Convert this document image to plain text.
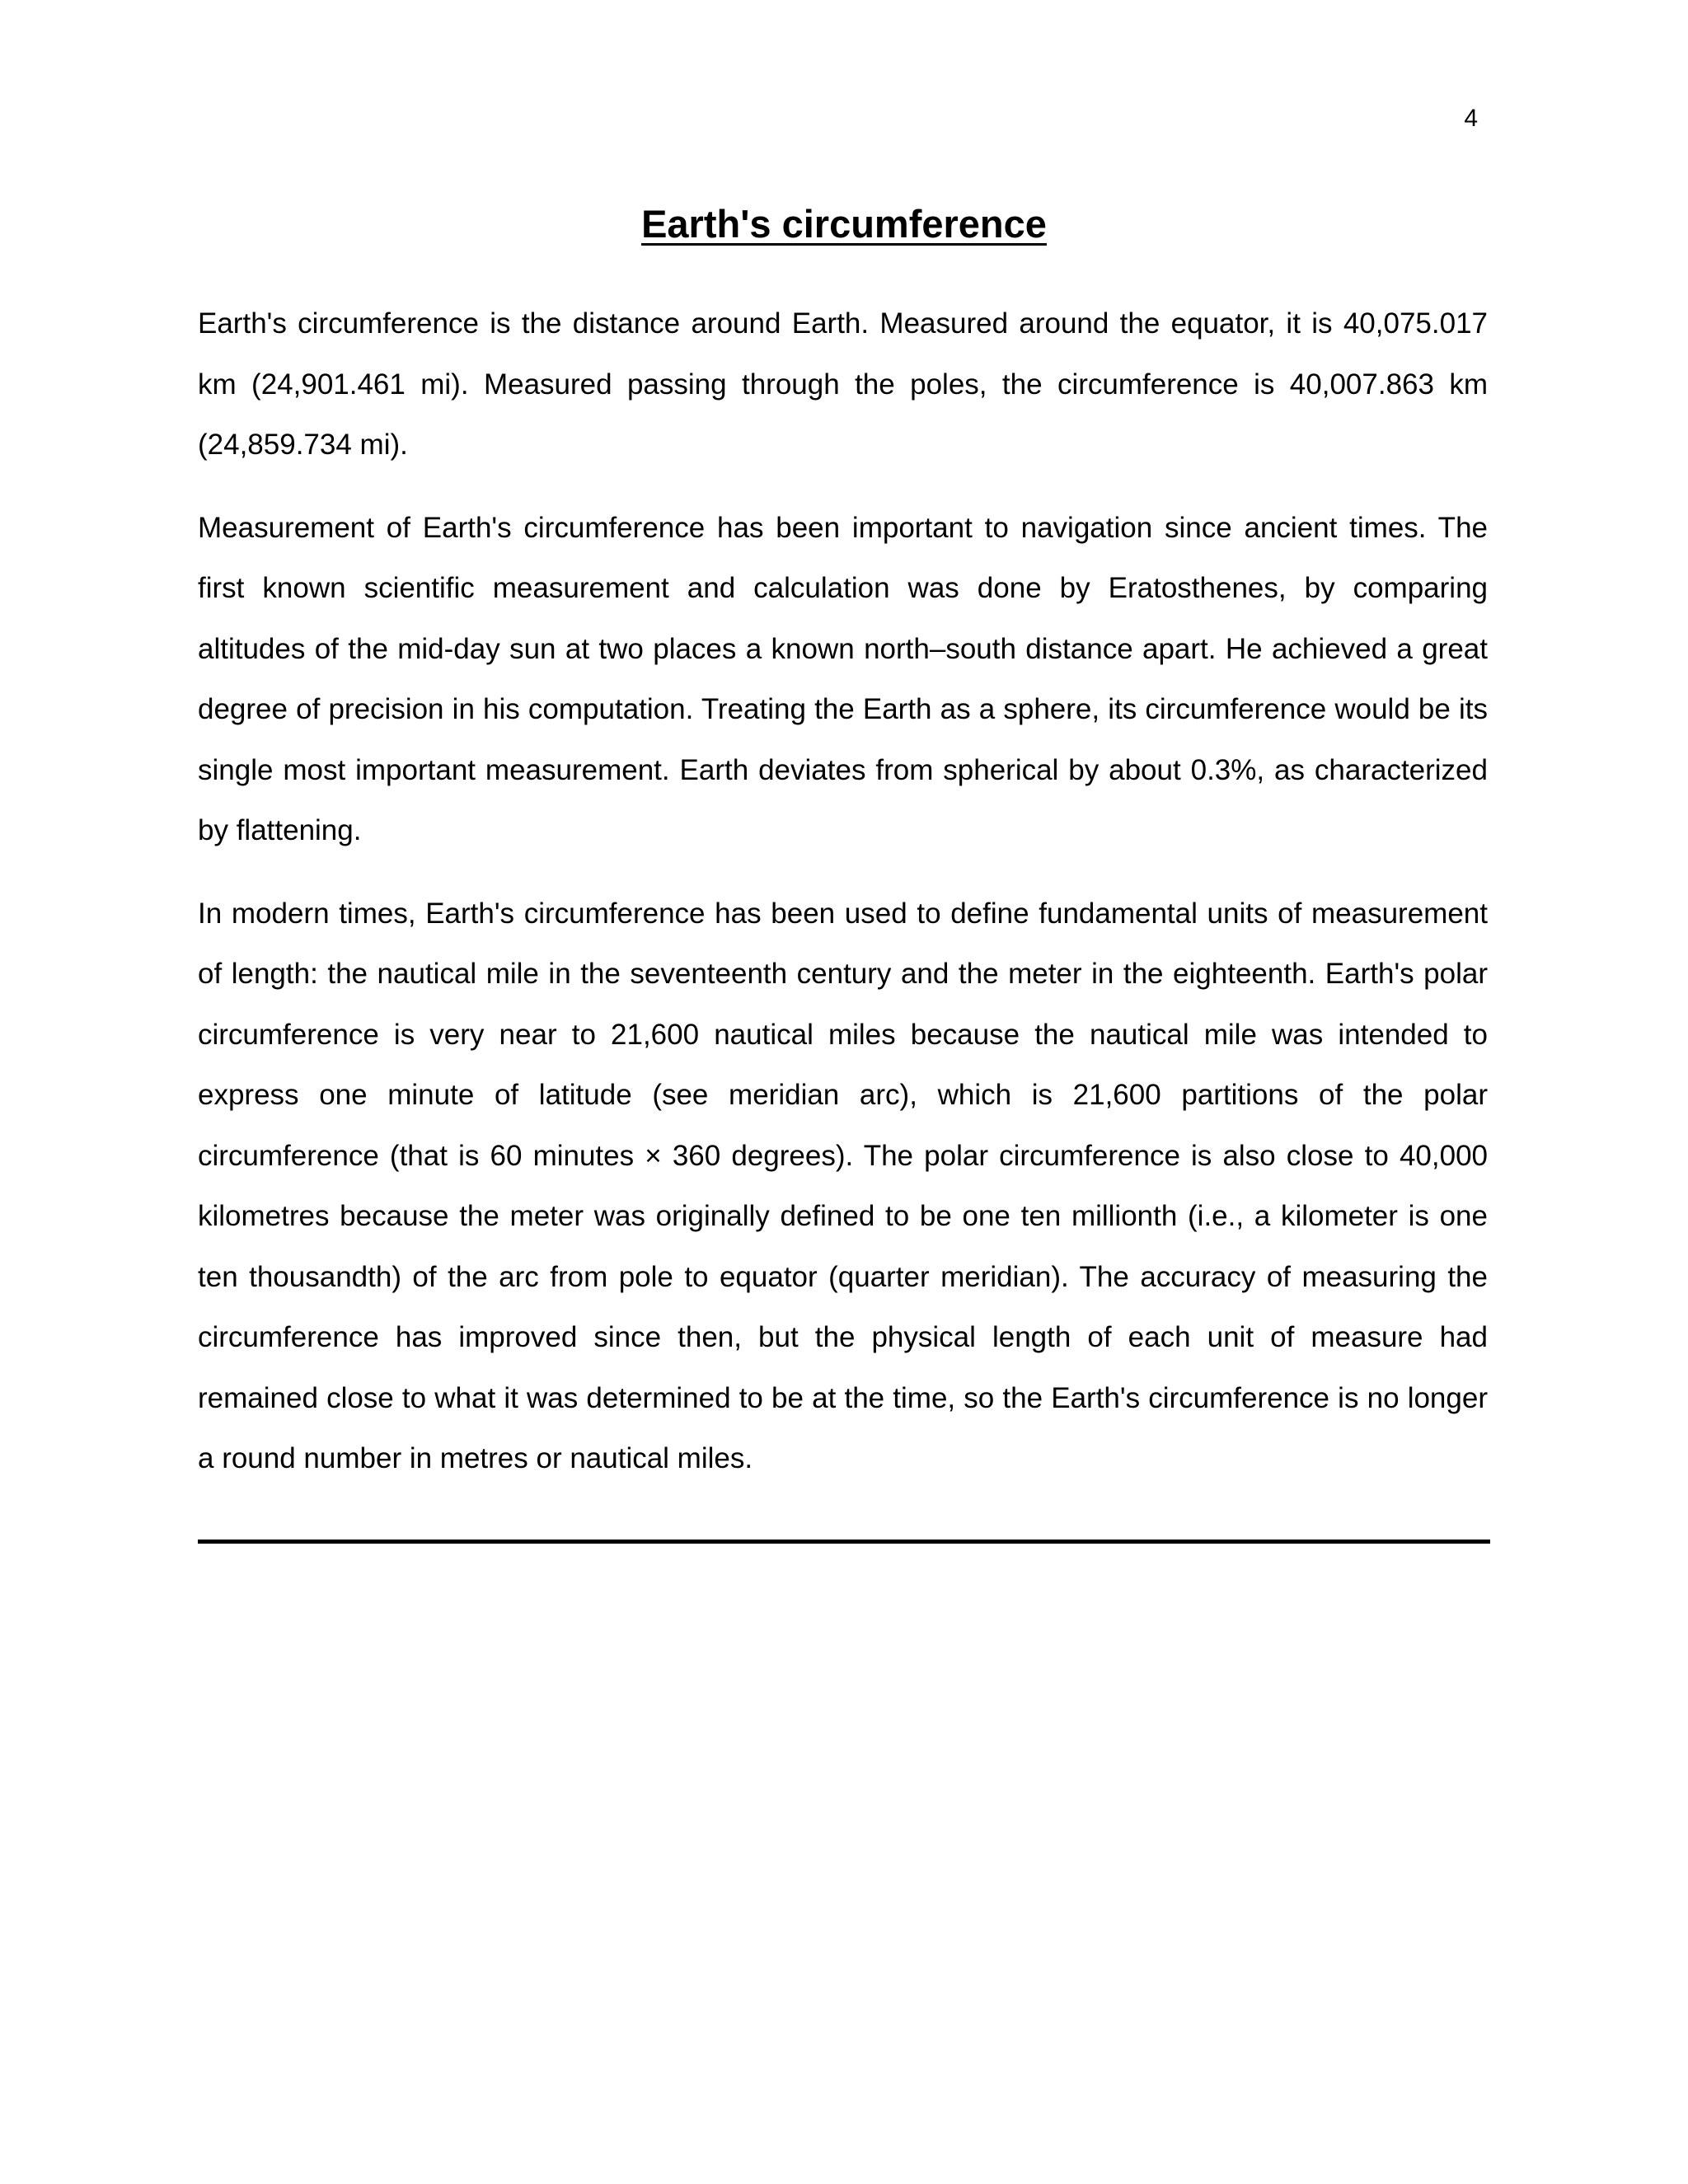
4
Earth's circumference

Earth's circumference is the distance around Earth. Measured around the equator, it is 40,075.017 km (24,901.461 mi). Measured passing through the poles, the circumference is 40,007.863 km (24,859.734 mi).

Measurement of Earth's circumference has been important to navigation since ancient times. The first known scientific measurement and calculation was done by Eratosthenes, by comparing altitudes of the mid-day sun at two places a known north–south distance apart. He achieved a great degree of precision in his computation. Treating the Earth as a sphere, its circumference would be its single most important measurement. Earth deviates from spherical by about 0.3%, as characterized by flattening.

In modern times, Earth's circumference has been used to define fundamental units of measurement of length: the nautical mile in the seventeenth century and the meter in the eighteenth. Earth's polar circumference is very near to 21,600 nautical miles because the nautical mile was intended to express one minute of latitude (see meridian arc), which is 21,600 partitions of the polar circumference (that is 60 minutes × 360 degrees). The polar circumference is also close to 40,000 kilometres because the meter was originally defined to be one ten millionth (i.e., a kilometer is one ten thousandth) of the arc from pole to equator (quarter meridian). The accuracy of measuring the circumference has improved since then, but the physical length of each unit of measure had remained close to what it was determined to be at the time, so the Earth's circumference is no longer a round number in metres or nautical miles.
